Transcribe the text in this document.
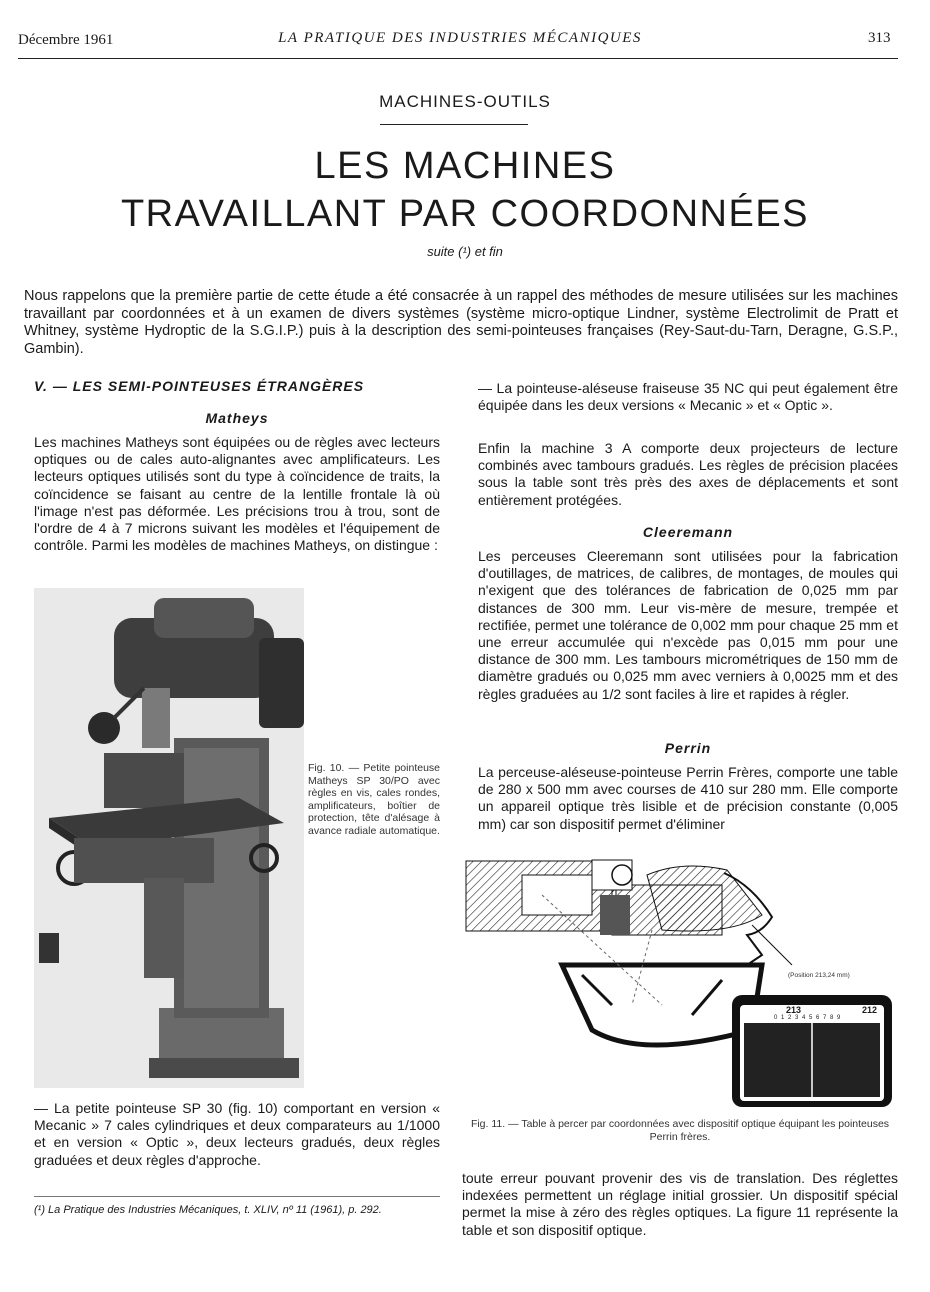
Décembre 1961	LA PRATIQUE DES INDUSTRIES MÉCANIQUES	313
MACHINES-OUTILS
LES MACHINES
TRAVAILLANT PAR COORDONNÉES
suite (¹) et fin
Nous rappelons que la première partie de cette étude a été consacrée à un rappel des méthodes de mesure utilisées sur les machines travaillant par coordonnées et à un examen de divers systèmes (système micro-optique Lindner, système Electrolimit de Pratt et Whitney, système Hydroptic de la S.G.I.P.) puis à la description des semi-pointeuses françaises (Rey-Saut-du-Tarn, Deragne, G.S.P., Gambin).
V. — LES SEMI-POINTEUSES ÉTRANGÈRES
Matheys
Les machines Matheys sont équipées ou de règles avec lecteurs optiques ou de cales auto-alignantes avec amplificateurs. Les lecteurs optiques utilisés sont du type à coïncidence de traits, la coïncidence se faisant au centre de la lentille frontale là où l'image n'est pas déformée. Les précisions trou à trou, sont de l'ordre de 4 à 7 microns suivant les modèles et l'équipement de contrôle. Parmi les modèles de machines Matheys, on distingue :
Fig. 10. — Petite pointeuse Matheys SP 30/PO avec règles en vis, cales rondes, amplificateurs, boîtier de protection, tête d'alésage à avance radiale automatique.
— La petite pointeuse SP 30 (fig. 10) comportant en version « Mecanic » 7 cales cylindriques et deux comparateurs au 1/1000 et en version « Optic », deux lecteurs gradués, deux règles graduées et deux règles d'approche.
(¹) La Pratique des Industries Mécaniques, t. XLIV, nº 11 (1961), p. 292.
— La pointeuse-aléseuse fraiseuse 35 NC qui peut également être équipée dans les deux versions « Mecanic » et « Optic ».
Enfin la machine 3 A comporte deux projecteurs de lecture combinés avec tambours gradués. Les règles de précision placées sous la table sont très près des axes de déplacements et sont entièrement protégées.
Cleeremann
Les perceuses Cleeremann sont utilisées pour la fabrication d'outillages, de matrices, de calibres, de montages, de moules qui n'exigent que des tolérances de fabrication de 0,025 mm par distances de 300 mm. Leur vis-mère de mesure, trempée et rectifiée, permet une tolérance de 0,002 mm pour chaque 25 mm et une erreur accumulée qui n'excède pas 0,015 mm pour une distance de 300 mm. Les tambours micrométriques de 150 mm de diamètre gradués ou 0,025 mm avec verniers à 0,0025 mm et des règles graduées au 1/2 sont faciles à lire et rapides à régler.
Perrin
La perceuse-aléseuse-pointeuse Perrin Frères, comporte une table de 280 x 500 mm avec courses de 410 sur 280 mm. Elle comporte un appareil optique très lisible et de précision constante (0,005 mm) car son dispositif permet d'éliminer
(Position 213,24 mm)
213	212
0 1 2 3 4 5 6 7 8 9
Fig. 11. — Table à percer par coordonnées avec dispositif optique équipant les pointeuses Perrin frères.
toute erreur pouvant provenir des vis de translation. Des réglettes indexées permettent un réglage initial grossier. Un dispositif spécial permet la mise à zéro des règles optiques. La figure 11 représente la table et son dispositif optique.
